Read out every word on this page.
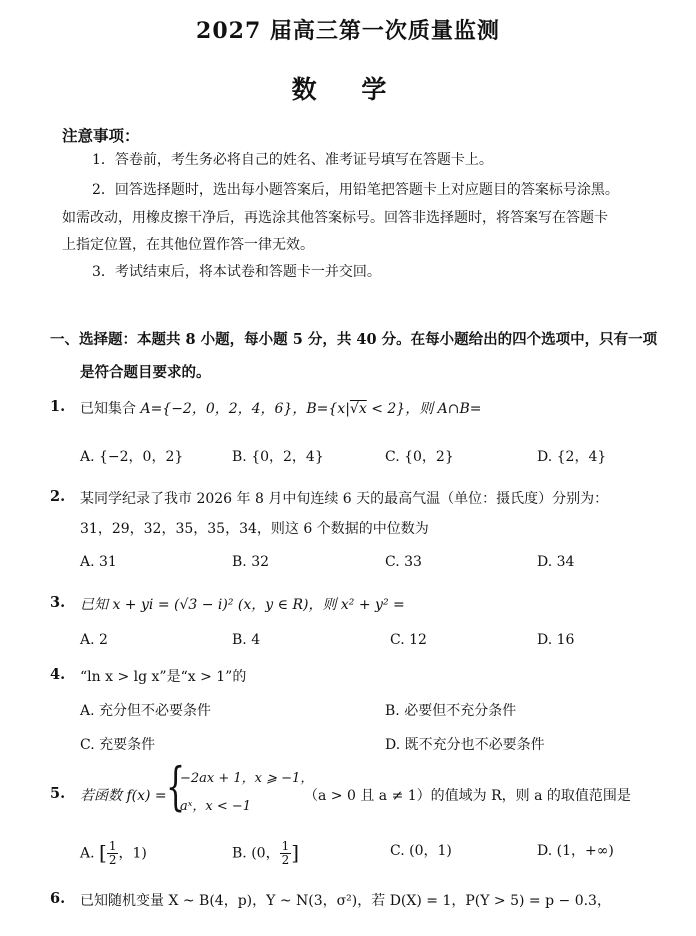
2027 届高三第一次质量监测
数 学
注意事项：
1．答卷前，考生务必将自己的姓名、准考证号填写在答题卡上。
2．回答选择题时，选出每小题答案后，用铅笔把答题卡上对应题目的答案标号涂黑。
如需改动，用橡皮擦干净后，再选涂其他答案标号。回答非选择题时，将答案写在答题卡
上指定位置，在其他位置作答一律无效。
3．考试结束后，将本试卷和答题卡一并交回。
一、选择题：本题共 8 小题，每小题 5 分，共 40 分。在每小题给出的四个选项中，只有一项
是符合题目要求的。
1. 已知集合 A={−2，0，2，4，6}，B={x|√x < 2}，则 A∩B=
A. {−2，0，2}	B. {0，2，4}	C. {0，2}	D. {2，4}
2. 某同学纪录了我市 2026 年 8 月中旬连续 6 天的最高气温（单位：摄氏度）分别为：
31，29，32，35，35，34，则这 6 个数据的中位数为
A. 31	B. 32	C. 33	D. 34
3. 已知 x + yi = (√3 − i)² (x，y ∈ R)，则 x² + y² =
A. 2	B. 4	C. 12	D. 16
4. “ln x > lg x”是“x > 1”的
A. 充分但不必要条件	B. 必要但不充分条件
C. 充要条件	D. 既不充分也不必要条件
5. 若函数 f(x) = {
−2ax + 1，x ⩾ −1，
aˣ，x < −1
（a > 0 且 a ≠ 1）的值域为 R，则 a 的取值范围是
A. [ $\frac{1}{2}$ ，1)	B. (0， $\frac{1}{2}$ ]	C. (0，1)	D. (1，+∞)
6. 已知随机变量 X ~ B(4，p)，Y ~ N(3，σ²)，若 D(X) = 1，P(Y > 5) = p − 0.3，
